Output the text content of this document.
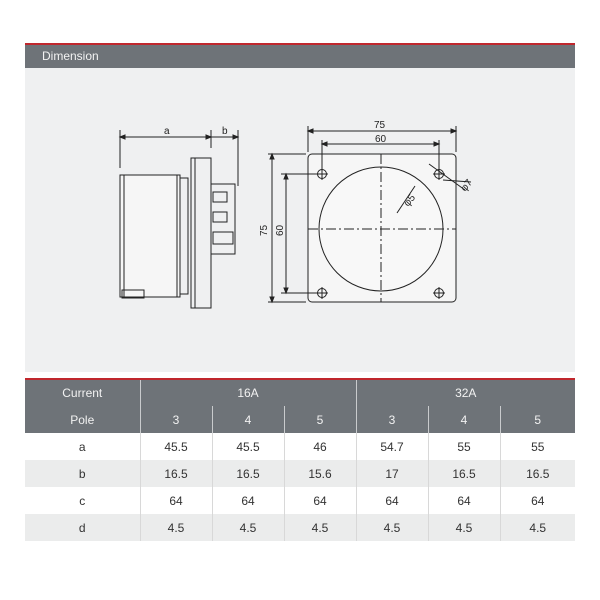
Dimension
a	b
75
60
75 60
φ5
φ7
Current	16A			32A		
Pole	3	4	5	3	4	5
a	45.5	45.5	46	54.7	55	55
b	16.5	16.5	15.6	17	16.5	16.5
c	64	64	64	64	64	64
d	4.5	4.5	4.5	4.5	4.5	4.5
